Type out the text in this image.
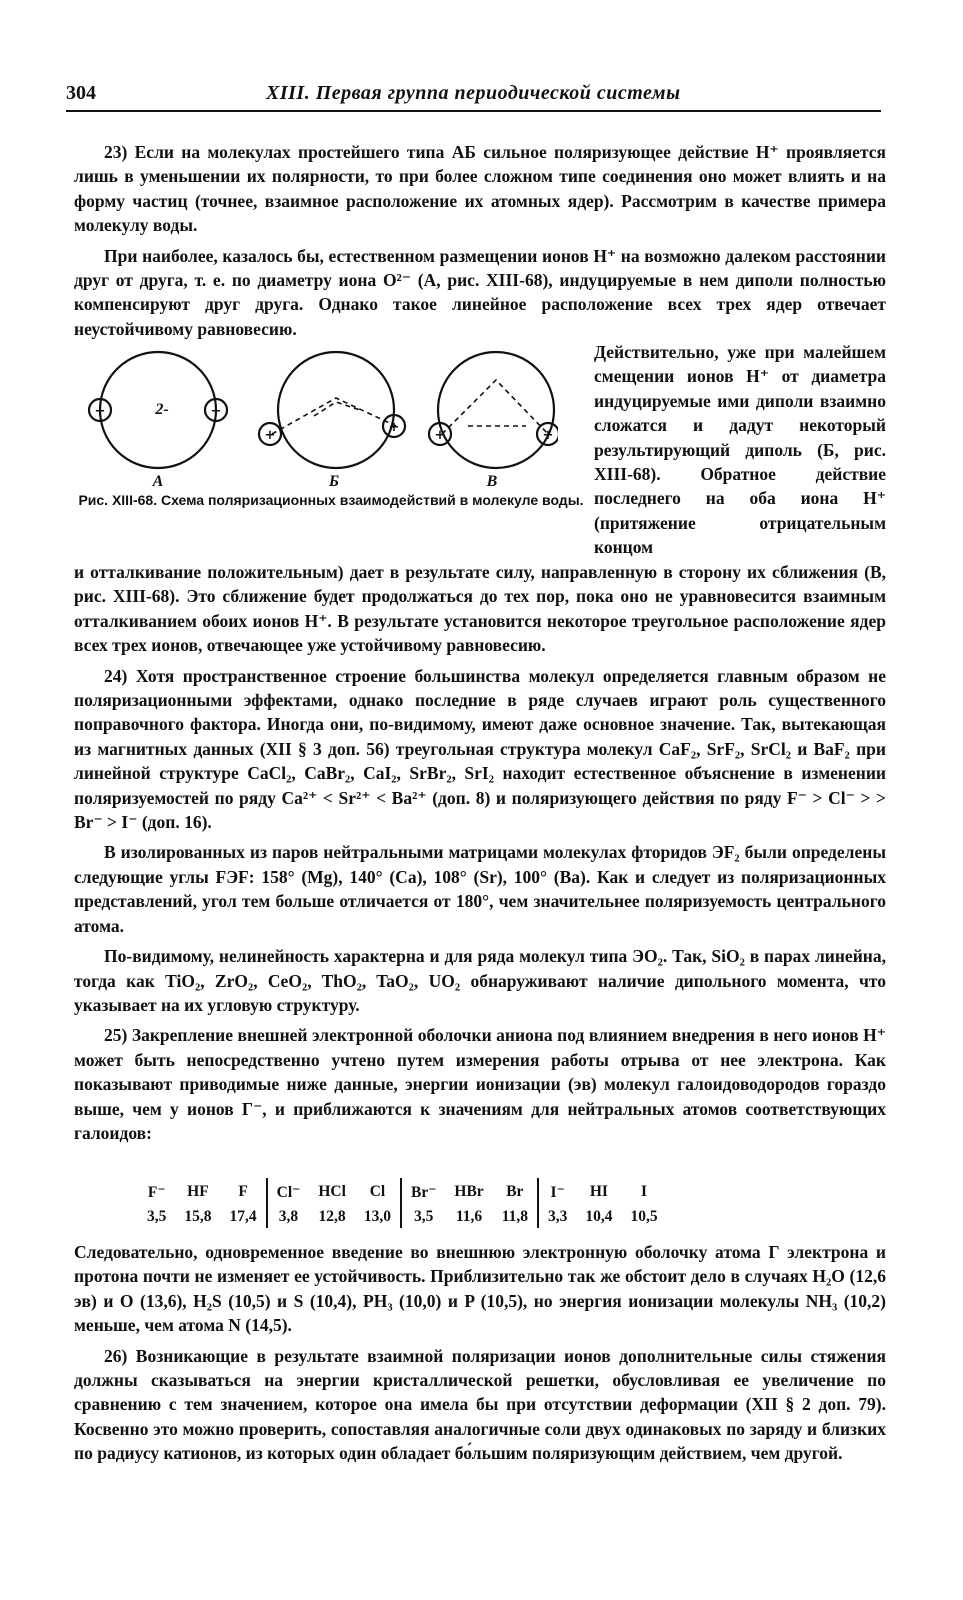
304	XIII. Первая группа периодической системы

23) Если на молекулах простейшего типа АБ сильное поляризующее действие H⁺ проявляется лишь в уменьшении их полярности, то при более сложном типе соединения оно может влиять и на форму частиц (точнее, взаимное расположение их атомных ядер). Рассмотрим в качестве примера молекулу воды.

При наиболее, казалось бы, естественном размещении ионов H⁺ на возможно далеком расстоянии друг от друга, т. е. по диаметру иона O²⁻ (А, рис. XIII-68), индуцируемые в нем диполи полностью компенсируют друг друга. Однако такое линейное расположение всех трех ядер отвечает неустойчивому равновесию.

+	+
+
+
+	+
2-
А	Б	В
Рис. XIII-68. Схема поляризационных взаимодействий в молекуле воды.
Действительно, уже при малейшем смещении ионов H⁺ от диаметра индуцируемые ими диполи взаимно сложатся и дадут некоторый результирующий диполь (Б, рис. XIII-68). Обратное действие последнего на оба иона H⁺ (притяжение отрицательным концом

и отталкивание положительным) дает в результате силу, направленную в сторону их сближения (В, рис. XIII-68). Это сближение будет продолжаться до тех пор, пока оно не уравновесится взаимным отталкиванием обоих ионов H⁺. В результате установится некоторое треугольное расположение ядер всех трех ионов, отвечающее уже устойчивому равновесию.

24) Хотя пространственное строение большинства молекул определяется главным образом не поляризационными эффектами, однако последние в ряде случаев играют роль существенного поправочного фактора. Иногда они, по-видимому, имеют даже основное значение. Так, вытекающая из магнитных данных (XII § 3 доп. 56) треугольная структура молекул CaF₂, SrF₂, SrCl₂ и BaF₂ при линейной структуре CaCl₂, CaBr₂, CaI₂, SrBr₂, SrI₂ находит естественное объяснение в изменении поляризуемостей по ряду Ca²⁺ < Sr²⁺ < Ba²⁺ (доп. 8) и поляризующего действия по ряду F⁻ > Cl⁻ > > Br⁻ > I⁻ (доп. 16).

В изолированных из паров нейтральными матрицами молекулах фторидов ЭF₂ были определены следующие углы FЭF: 158° (Mg), 140° (Ca), 108° (Sr), 100° (Ba). Как и следует из поляризационных представлений, угол тем больше отличается от 180°, чем значительнее поляризуемость центрального атома.

По-видимому, нелинейность характерна и для ряда молекул типа ЭO₂. Так, SiO₂ в парах линейна, тогда как TiO₂, ZrO₂, CeO₂, ThO₂, TaO₂, UO₂ обнаруживают наличие дипольного момента, что указывает на их угловую структуру.

25) Закрепление внешней электронной оболочки аниона под влиянием внедрения в него ионов H⁺ может быть непосредственно учтено путем измерения работы отрыва от нее электрона. Как показывают приводимые ниже данные, энергии ионизации (эв) молекул галоидоводородов гораздо выше, чем у ионов Г⁻, и приближаются к значениям для нейтральных атомов соответствующих галоидов:

F⁻	HF	F	Cl⁻	HCl	Cl	Br⁻	HBr	Br	I⁻	HI	I
3,5	15,8	17,4	3,8	12,8	13,0	3,5	11,6	11,8	3,3	10,4	10,5

Следовательно, одновременное введение во внешнюю электронную оболочку атома Г электрона и протона почти не изменяет ее устойчивость. Приблизительно так же обстоит дело в случаях H₂O (12,6 эв) и O (13,6), H₂S (10,5) и S (10,4), PH₃ (10,0) и P (10,5), но энергия ионизации молекулы NH₃ (10,2) меньше, чем атома N (14,5).

26) Возникающие в результате взаимной поляризации ионов дополнительные силы стяжения должны сказываться на энергии кристаллической решетки, обусловливая ее увеличение по сравнению с тем значением, которое она имела бы при отсутствии деформации (XII § 2 доп. 79). Косвенно это можно проверить, сопоставляя аналогичные соли двух одинаковых по заряду и близких по радиусу катионов, из которых один обладает бо́льшим поляризующим действием, чем другой.
